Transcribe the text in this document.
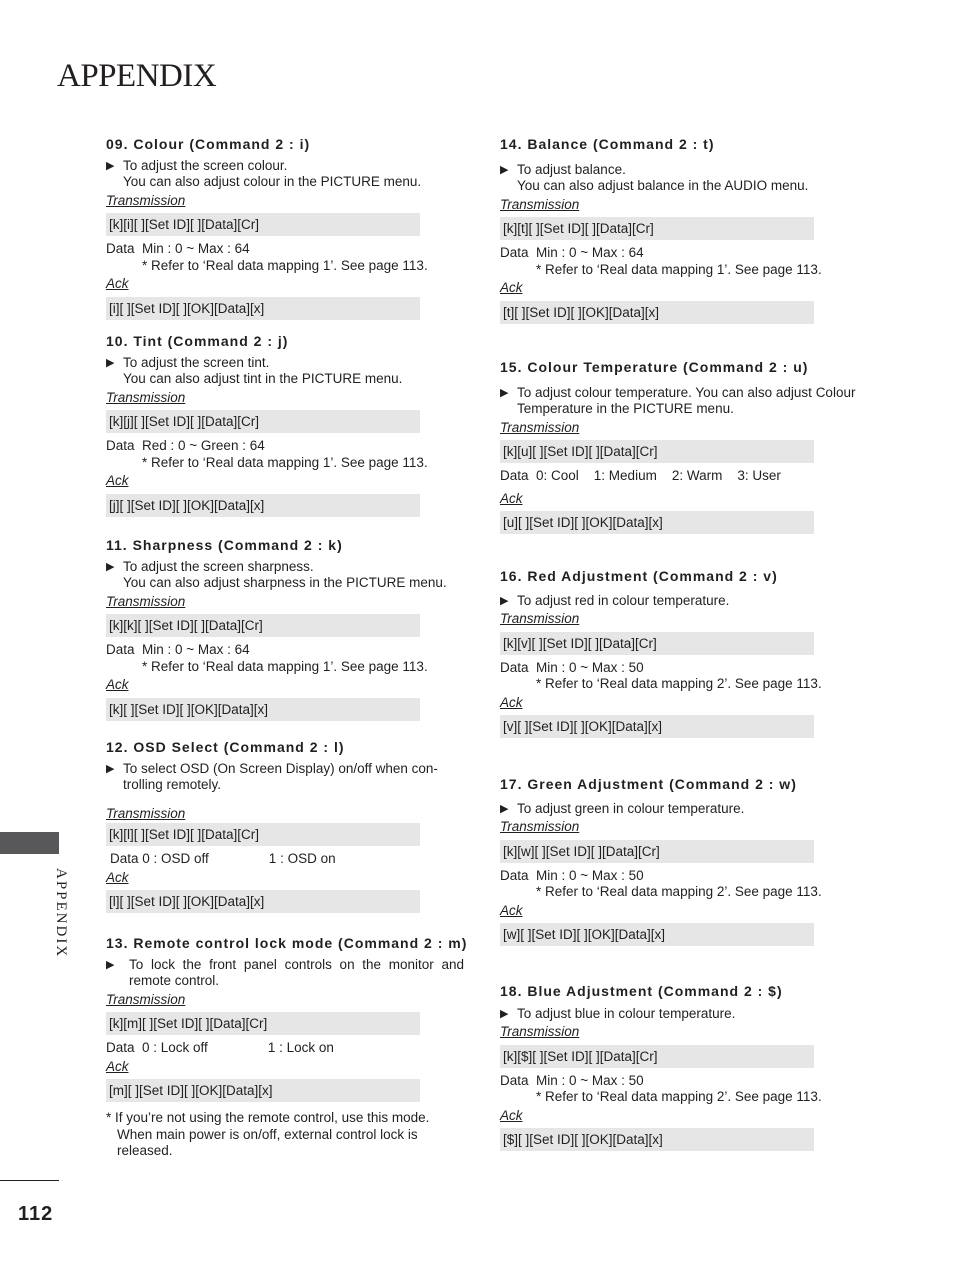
APPENDIX
APPENDIX
112
09. Colour (Command 2 : i)
▶ To adjust the screen colour.
You can also adjust colour in the PICTURE menu.
Transmission
[k][i][ ][Set ID][ ][Data][Cr]
Data  Min : 0 ~ Max : 64
* Refer to ‘Real data mapping 1’. See page 113.
Ack
[i][ ][Set ID][ ][OK][Data][x]
10. Tint (Command 2 : j)
▶ To adjust the screen tint.
You can also adjust tint in the PICTURE menu.
Transmission
[k][j][ ][Set ID][ ][Data][Cr]
Data  Red : 0 ~ Green : 64
* Refer to ‘Real data mapping 1’. See page 113.
Ack
[j][ ][Set ID][ ][OK][Data][x]
11. Sharpness (Command 2 : k)
▶ To adjust the screen sharpness.
You can also adjust sharpness in the PICTURE menu.
Transmission
[k][k][ ][Set ID][ ][Data][Cr]
Data  Min : 0 ~ Max : 64
* Refer to ‘Real data mapping 1’. See page 113.
Ack
[k][ ][Set ID][ ][OK][Data][x]
12. OSD Select (Command 2 : l)
▶ To select OSD (On Screen Display) on/off when con-
trolling remotely.
Transmission
[k][l][ ][Set ID][ ][Data][Cr]
Data 0 : OSD off                1 : OSD on
Ack
[l][ ][Set ID][ ][OK][Data][x]
13. Remote control lock mode (Command 2 : m)
▶	To lock the front panel controls on the monitor and
remote control.
Transmission
[k][m][ ][Set ID][ ][Data][Cr]
Data  0 : Lock off                1 : Lock on
Ack
[m][ ][Set ID][ ][OK][Data][x]
* If you’re not using the remote control, use this mode.
When main power is on/off, external control lock is
released.
14. Balance (Command 2 : t)
▶ To adjust balance.
You can also adjust balance in the AUDIO menu.
Transmission
[k][t][ ][Set ID][ ][Data][Cr]
Data  Min : 0 ~ Max : 64
* Refer to ‘Real data mapping 1’. See page 113.
Ack
[t][ ][Set ID][ ][OK][Data][x]
15. Colour Temperature (Command 2 : u)
▶ To adjust colour temperature. You can also adjust Colour
Temperature in the PICTURE menu.
Transmission
[k][u][ ][Set ID][ ][Data][Cr]
Data  0: Cool    1: Medium    2: Warm    3: User
Ack
[u][ ][Set ID][ ][OK][Data][x]
16. Red Adjustment (Command 2 : v)
▶ To adjust red in colour temperature.
Transmission
[k][v][ ][Set ID][ ][Data][Cr]
Data  Min : 0 ~ Max : 50
* Refer to ‘Real data mapping 2’. See page 113.
Ack
[v][ ][Set ID][ ][OK][Data][x]
17. Green Adjustment (Command 2 : w)
▶ To adjust green in colour temperature.
Transmission
[k][w][ ][Set ID][ ][Data][Cr]
Data  Min : 0 ~ Max : 50
* Refer to ‘Real data mapping 2’. See page 113.
Ack
[w][ ][Set ID][ ][OK][Data][x]
18. Blue Adjustment (Command 2 : $)
▶ To adjust blue in colour temperature.
Transmission
[k][$][ ][Set ID][ ][Data][Cr]
Data  Min : 0 ~ Max : 50
* Refer to ‘Real data mapping 2’. See page 113.
Ack
[$][ ][Set ID][ ][OK][Data][x]
